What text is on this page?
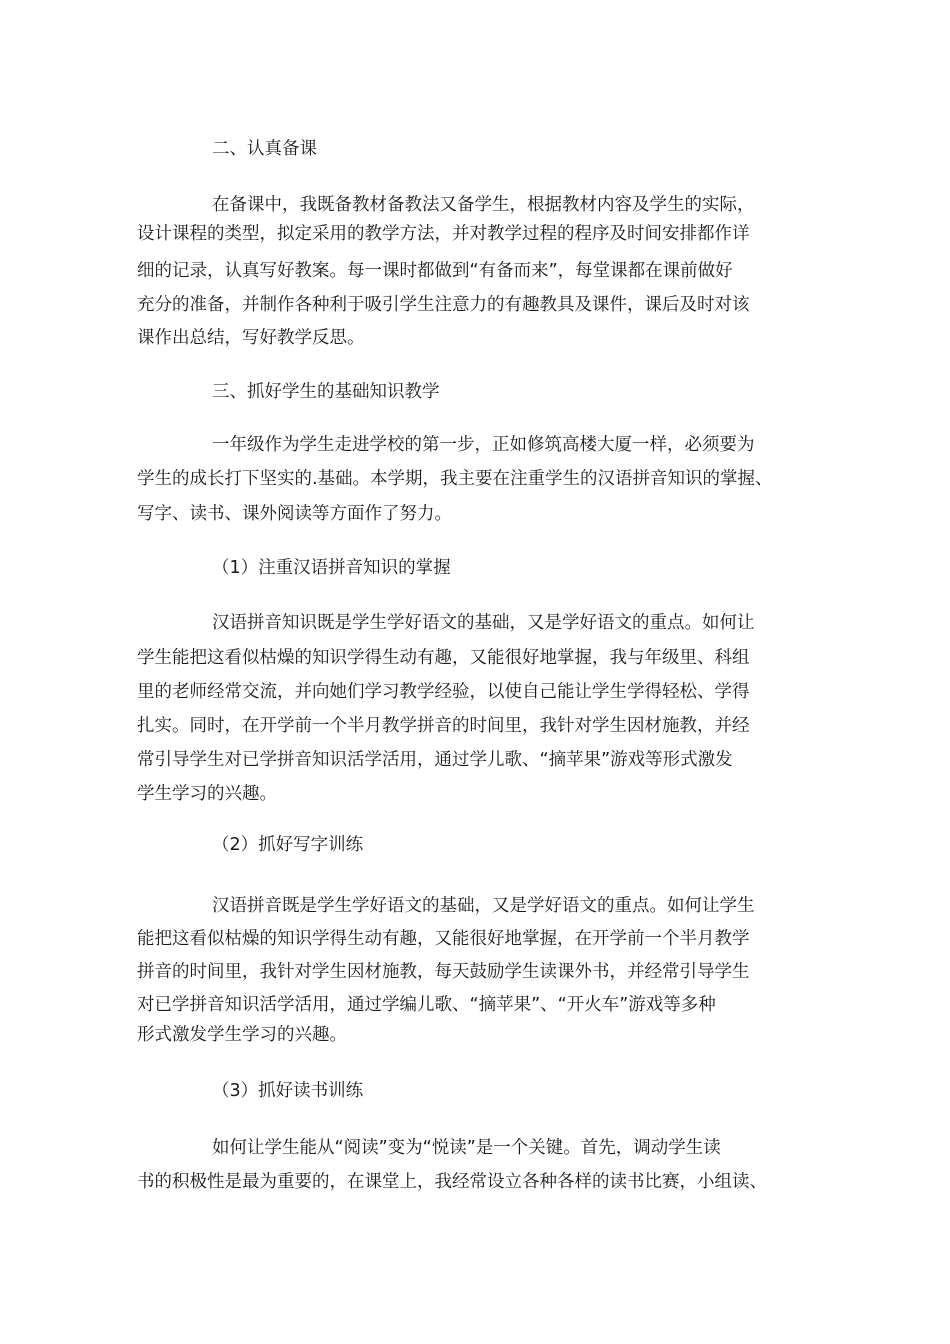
二、认真备课

在备课中，我既备教材备教法又备学生，根据教材内容及学生的实际，

设计课程的类型，拟定采用的教学方法，并对教学过程的程序及时间安排都作详

细的记录，认真写好教案。每一课时都做到“有备而来”，每堂课都在课前做好

充分的准备，并制作各种利于吸引学生注意力的有趣教具及课件，课后及时对该

课作出总结，写好教学反思。

三、抓好学生的基础知识教学

一年级作为学生走进学校的第一步，正如修筑高楼大厦一样，必须要为

学生的成长打下坚实的.基础。本学期，我主要在注重学生的汉语拼音知识的掌握、

写字、读书、课外阅读等方面作了努力。

（1）注重汉语拼音知识的掌握

汉语拼音知识既是学生学好语文的基础，又是学好语文的重点。如何让

学生能把这看似枯燥的知识学得生动有趣，又能很好地掌握，我与年级里、科组

里的老师经常交流，并向她们学习教学经验，以使自己能让学生学得轻松、学得

扎实。同时，在开学前一个半月教学拼音的时间里，我针对学生因材施教，并经

常引导学生对已学拼音知识活学活用，通过学儿歌、“摘苹果”游戏等形式激发

学生学习的兴趣。

（2）抓好写字训练

汉语拼音既是学生学好语文的基础，又是学好语文的重点。如何让学生

能把这看似枯燥的知识学得生动有趣，又能很好地掌握，在开学前一个半月教学

拼音的时间里，我针对学生因材施教，每天鼓励学生读课外书，并经常引导学生

对已学拼音知识活学活用，通过学编儿歌、“摘苹果”、“开火车”游戏等多种

形式激发学生学习的兴趣。

（3）抓好读书训练

如何让学生能从“阅读”变为“悦读”是一个关键。首先，调动学生读

书的积极性是最为重要的，在课堂上，我经常设立各种各样的读书比赛，小组读、
